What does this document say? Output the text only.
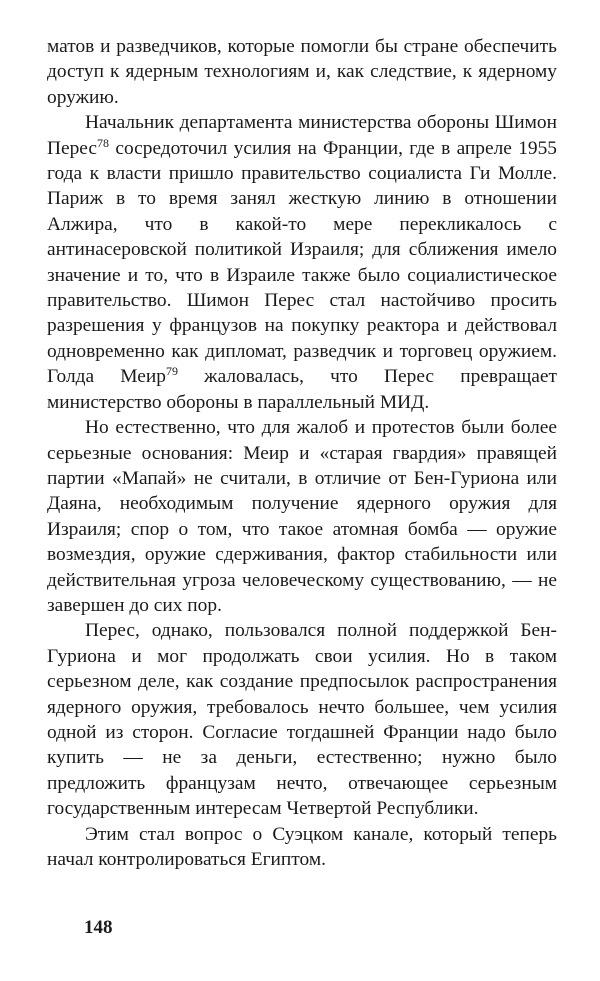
матов и разведчиков, которые помогли бы стране обеспечить доступ к ядерным технологиям и, как следствие, к ядерному оружию.

Начальник департамента министерства обороны Шимон Перес$^{78}$ сосредоточил усилия на Франции, где в апреле 1955 года к власти пришло правительство социалиста Ги Молле. Париж в то время занял жесткую линию в отношении Алжира, что в какой-то мере перекликалось с антинасеровской политикой Израиля; для сближения имело значение и то, что в Израиле также было социалистическое правительство. Шимон Перес стал настойчиво просить разрешения у французов на покупку реактора и действовал одновременно как дипломат, разведчик и торговец оружием. Голда Меир$^{79}$ жаловалась, что Перес превращает министерство обороны в параллельный МИД.

Но естественно, что для жалоб и протестов были более серьезные основания: Меир и «старая гвардия» правящей партии «Мапай» не считали, в отличие от Бен-Гуриона или Даяна, необходимым получение ядерного оружия для Израиля; спор о том, что такое атомная бомба — оружие возмездия, оружие сдерживания, фактор стабильности или действительная угроза человеческому существованию, — не завершен до сих пор.

Перес, однако, пользовался полной поддержкой Бен-Гуриона и мог продолжать свои усилия. Но в таком серьезном деле, как создание предпосылок распространения ядерного оружия, требовалось нечто большее, чем усилия одной из сторон. Согласие тогдашней Франции надо было купить — не за деньги, естественно; нужно было предложить французам нечто, отвечающее серьезным государственным интересам Четвертой Республики.

Этим стал вопрос о Суэцком канале, который теперь начал контролироваться Египтом.

148
